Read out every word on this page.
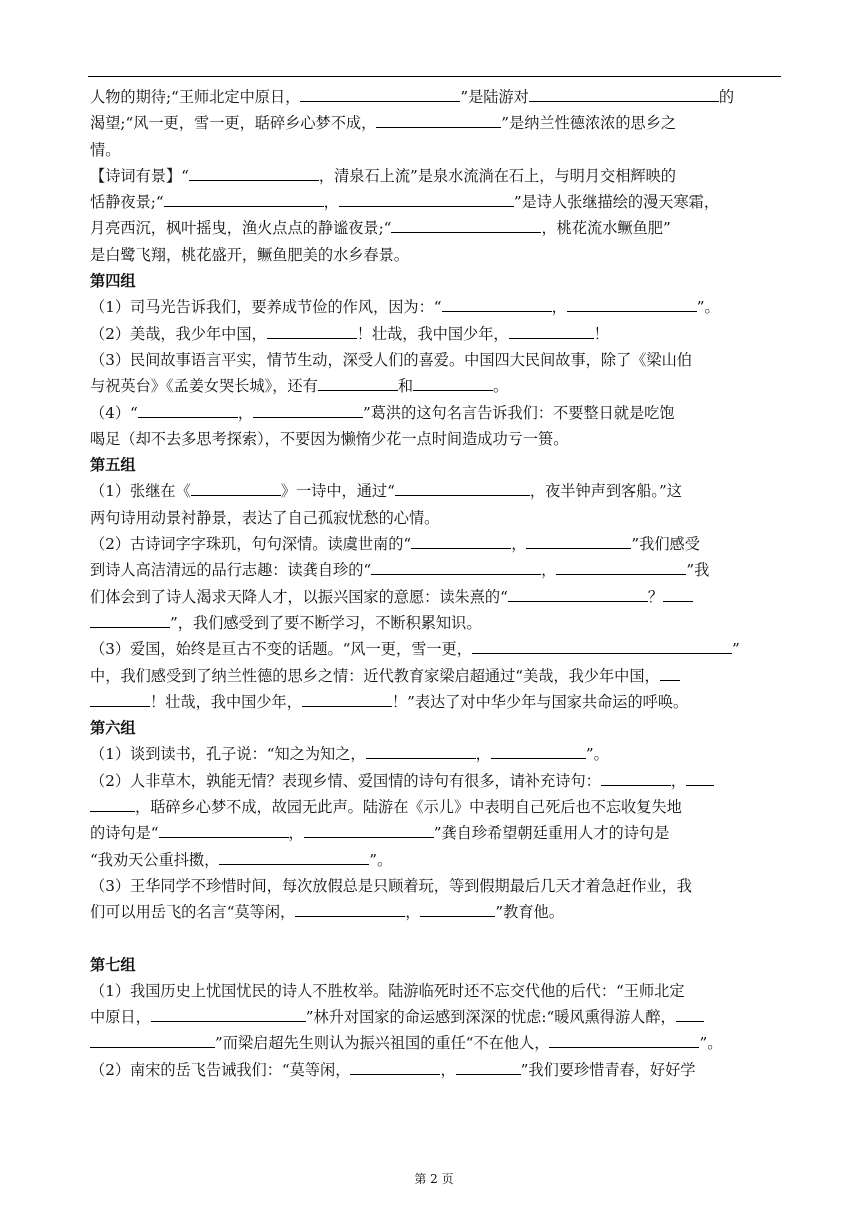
人物的期待;“王师北定中原日，	”是陆游对	的
渴望;“风一更，雪一更，聒碎乡心梦不成，	”是纳兰性德浓浓的思乡之
情。
【诗词有景】“	，清泉石上流”是泉水流淌在石上，与明月交相辉映的
恬静夜景;“	，	”是诗人张继描绘的漫天寒霜，
月亮西沉，枫叶摇曳，渔火点点的静谧夜景;“	，桃花流水鳜鱼肥”
是白鹭飞翔，桃花盛开，鳜鱼肥美的水乡春景。
第四组
（1）司马光告诉我们，要养成节俭的作风，因为：“	，	”。
（2）美哉，我少年中国，	！壮哉，我中国少年，	！
（3）民间故事语言平实，情节生动，深受人们的喜爱。中国四大民间故事，除了《梁山伯
与祝英台》《孟姜女哭长城》，还有	和	。
（4）“	，	”葛洪的这句名言告诉我们：不要整日就是吃饱
喝足（却不去多思考探索），不要因为懒惰少花一点时间造成功亏一篑。
第五组
（1）张继在《	》一诗中，通过“	，夜半钟声到客船。”这
两句诗用动景衬静景，表达了自己孤寂忧愁的心情。
（2）古诗词字字珠玑，句句深情。读虞世南的“	，	”我们感受
到诗人高洁清远的品行志趣：读龚自珍的“	，	”我
们体会到了诗人渴求天降人才，以振兴国家的意愿：读朱熹的“	？
”，我们感受到了要不断学习，不断积累知识。
（3）爱国，始终是亘古不变的话题。“风一更，雪一更，	”
中，我们感受到了纳兰性德的思乡之情：近代教育家梁启超通过“美哉，我少年中国，
！壮哉，我中国少年，	！”表达了对中华少年与国家共命运的呼唤。
第六组
（1）谈到读书，孔子说：“知之为知之，	，	”。
（2）人非草木，孰能无情？表现乡情、爱国情的诗句有很多，请补充诗句：	，
，聒碎乡心梦不成，故园无此声。陆游在《示儿》中表明自己死后也不忘收复失地
的诗句是“	，	”龚自珍希望朝廷重用人才的诗句是
“我劝天公重抖擞，	”。
（3）王华同学不珍惜时间，每次放假总是只顾着玩，等到假期最后几天才着急赶作业，我
们可以用岳飞的名言“莫等闲，	，	”教育他。
第七组
（1）我国历史上忧国忧民的诗人不胜枚举。陆游临死时还不忘交代他的后代：“王师北定
中原日，	”林升对国家的命运感到深深的忧虑:“暖风熏得游人醉，
”而梁启超先生则认为振兴祖国的重任“不在他人，	”。
（2）南宋的岳飞告诫我们：“莫等闲，	，	”我们要珍惜青春，好好学
第 2 页
